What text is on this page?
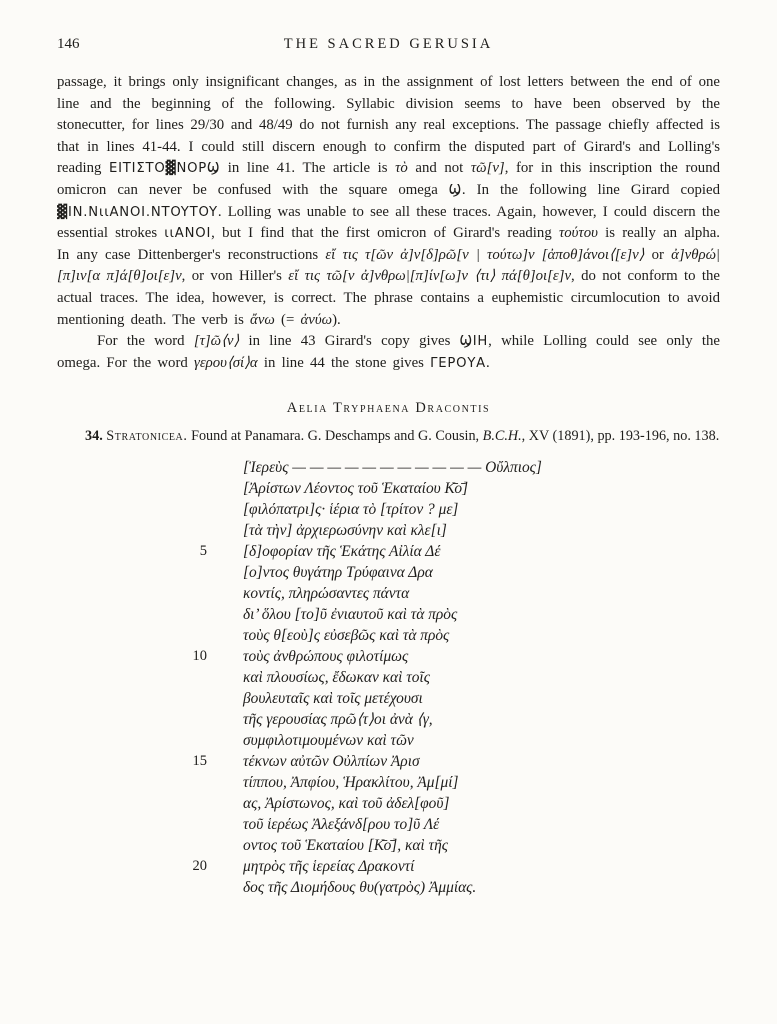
146	THE SACRED GERUSIA

passage, it brings only insignificant changes, as in the assignment of lost letters between the end of one line and the beginning of the following. Syllabic division seems to have been observed by the stonecutter, for lines 29/30 and 48/49 do not furnish any real exceptions. The passage chiefly affected is that in lines 41-44. I could still discern enough to confirm the disputed part of Girard's and Lolling's reading ΕΙΤΙΣΤΟ▓NOPϢ in line 41. The article is τὸ and not τῶ[ν], for in this inscription the round omicron can never be confused with the square omega Ϣ. In the following line Girard copied ▓IN.NιιANOI.NTOYTOY. Lolling was unable to see all these traces. Again, however, I could discern the essential strokes ιιANOI, but I find that the first omicron of Girard's reading τούτου is really an alpha. In any case Dittenberger's reconstructions εἴ τις τ[ῶν ἀ]ν[δ]ρῶ[ν | τούτω]ν [ἀποθ]άνοι⟨[ε]ν⟩ or ἀ]νθρώ|[π]ιν[α π]ά[θ]οι[ε]ν, or von Hiller's εἴ τις τῶ[ν ἀ]νθρω|[π]ίν[ω]ν ⟨τι⟩ πά[θ]οι[ε]ν, do not conform to the actual traces. The idea, however, is correct. The phrase contains a euphemistic circumlocution to avoid mentioning death. The verb is ἄνω (= ἀνύω).

For the word [τ]ῶ⟨ν⟩ in line 43 Girard's copy gives ϢΙΗ, while Lolling could see only the omega. For the word γερου⟨σί⟩α in line 44 the stone gives ΓΕΡΟΥΑ.

Aelia Tryphaena Dracontis

34. Stratonicea. Found at Panamara. G. Deschamps and G. Cousin, B.C.H., XV (1891), pp. 193-196, no. 138.

[Ἱερεὺς — — — — — — — — — — — Οὔλπιος]
[Ἀρίστων Λέοντος τοῦ Ἑκαταίου Κ̄ο̄]
[φιλόπατρι]ς· ἱέρια τὸ [τρίτον ? με]
[τὰ τὴν] ἀρχιερωσύνην καὶ κλε[ι]
5 [δ]οφορίαν τῆς Ἑκάτης Αἰλία Δέ
[ο]ντος θυγάτηρ Τρύφαινα Δρα
κοντίς, πληρώσαντες πάντα
δι’ ὅλου [το]ῦ ἐνιαυτοῦ καὶ τὰ πρὸς
τοὺς θ[εοὺ]ς εὐσεβῶς καὶ τὰ πρὸς
10 τοὺς ἀνθρώπους φιλοτίμως
καὶ πλουσίως, ἔδωκαν καὶ τοῖς
βουλευταῖς καὶ τοῖς μετέχουσι
τῆς γερουσίας πρῶ⟨τ⟩οι ἀνὰ ⟨γ,
συμφιλοτιμουμένων καὶ τῶν
15 τέκνων αὐτῶν Οὐλπίων Ἀρισ
τίππου, Ἀπφίου, Ἡρακλίτου, Ἀμ[μί]
ας, Ἀρίστωνος, καὶ τοῦ ἀδελ[φοῦ]
τοῦ ἱερέως Ἀλεξάνδ[ρου το]ῦ Λέ
οντος τοῦ Ἑκαταίου [Κ̄ο̄], καὶ τῆς
20 μητρὸς τῆς ἱερείας Δρακοντί
δος τῆς Διομήδους θυ(γατρὸς) Ἀμμίας.
